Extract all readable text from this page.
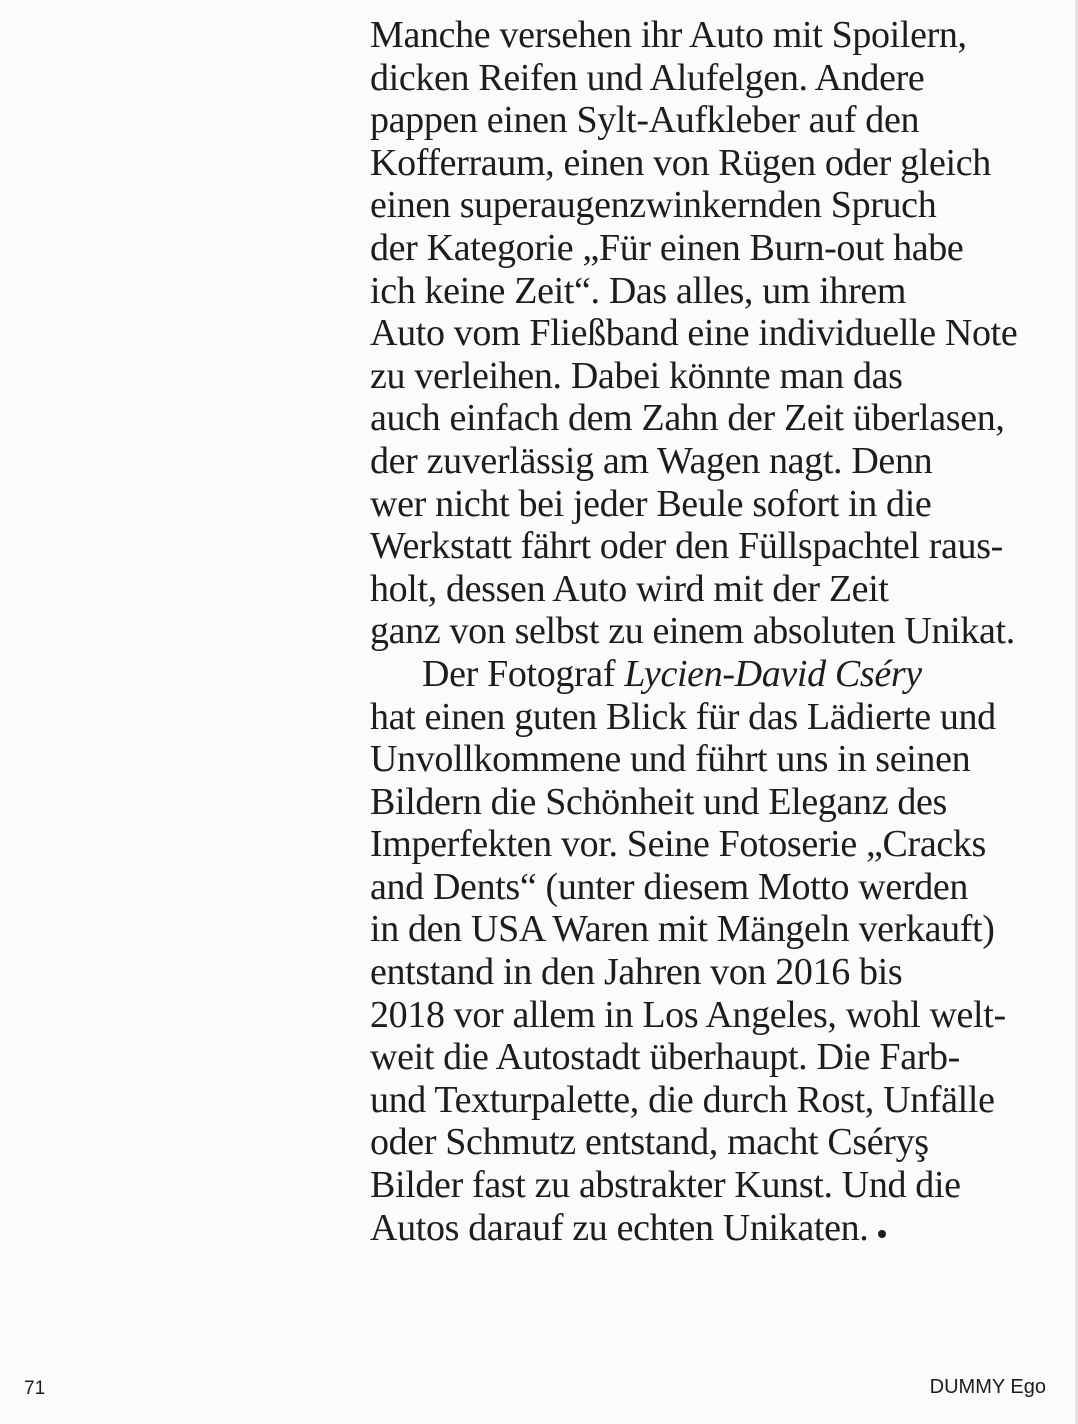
Manche versehen ihr Auto mit Spoilern,
dicken Reifen und Alufelgen. Andere
pappen einen Sylt-Aufkleber auf den
Kofferraum, einen von Rügen oder gleich
einen superaugenzwinkernden Spruch
der Kategorie „Für einen Burn-out habe
ich keine Zeit“. Das alles, um ihrem
Auto vom Fließband eine individuelle Note
zu verleihen. Dabei könnte man das
auch einfach dem Zahn der Zeit überlasen,
der zuverlässig am Wagen nagt. Denn
wer nicht bei jeder Beule sofort in die
Werkstatt fährt oder den Füllspachtel raus-
holt, dessen Auto wird mit der Zeit
ganz von selbst zu einem absoluten Unikat.
Der Fotograf Lycien-David Cséry
hat einen guten Blick für das Lädierte und
Unvollkommene und führt uns in seinen
Bildern die Schönheit und Eleganz des
Imperfekten vor. Seine Fotoserie „Cracks
and Dents“ (unter diesem Motto werden
in den USA Waren mit Mängeln verkauft)
entstand in den Jahren von 2016 bis
2018 vor allem in Los Angeles, wohl welt-
weit die Autostadt überhaupt. Die Farb-
und Texturpalette, die durch Rost, Unfälle
oder Schmutz entstand, macht Cséryş
Bilder fast zu abstrakter Kunst. Und die
Autos darauf zu echten Unikaten.
71	DUMMY Ego
